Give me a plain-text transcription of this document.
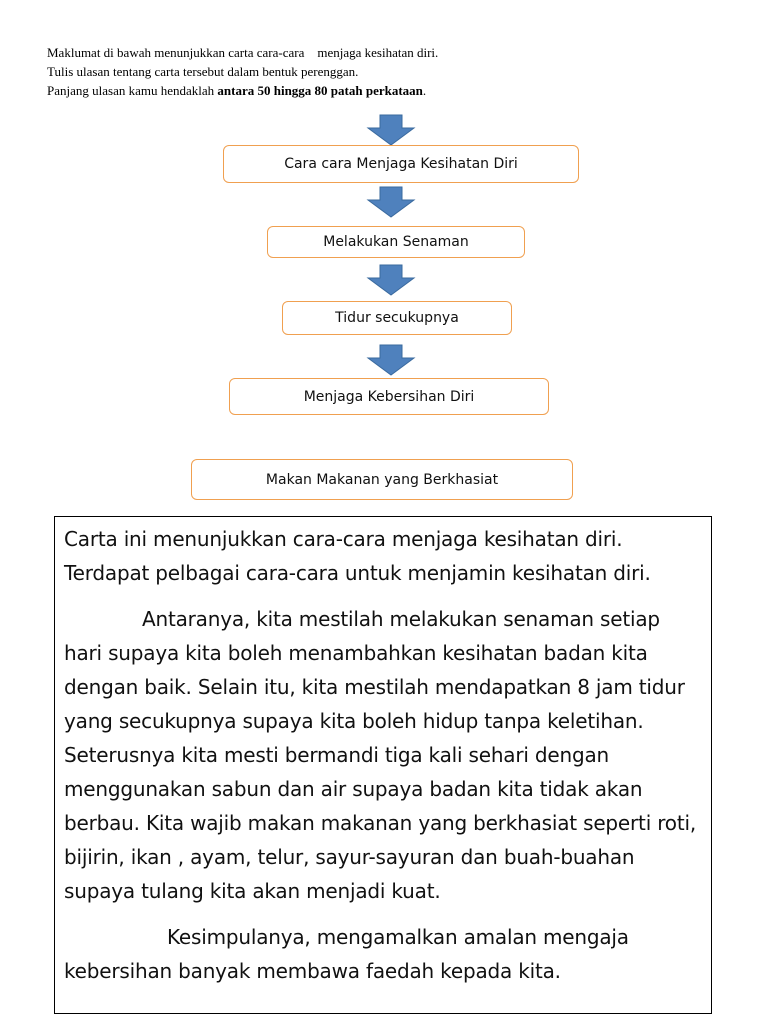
Maklumat di bawah menunjukkan carta cara-cara    menjaga kesihatan diri.

Tulis ulasan tentang carta tersebut dalam bentuk perenggan.

Panjang ulasan kamu hendaklah antara 50 hingga 80 patah perkataan.

Cara cara Menjaga Kesihatan Diri
Melakukan Senaman
Tidur secukupnya
Menjaga Kebersihan Diri
Makan Makanan yang Berkhasiat

Carta ini menunjukkan cara-cara menjaga kesihatan diri. Terdapat pelbagai cara-cara untuk menjamin kesihatan diri.

Antaranya, kita mestilah melakukan senaman setiap hari supaya kita boleh menambahkan kesihatan badan kita dengan baik. Selain itu, kita mestilah mendapatkan 8 jam tidur yang secukupnya supaya kita boleh hidup tanpa keletihan. Seterusnya kita mesti bermandi tiga kali sehari dengan menggunakan sabun dan air supaya badan kita tidak akan berbau. Kita wajib makan makanan yang berkhasiat seperti roti, bijirin, ikan , ayam, telur, sayur-sayuran dan buah-buahan supaya tulang kita akan menjadi kuat.

Kesimpulanya, mengamalkan amalan mengaja kebersihan banyak membawa faedah kepada kita.
